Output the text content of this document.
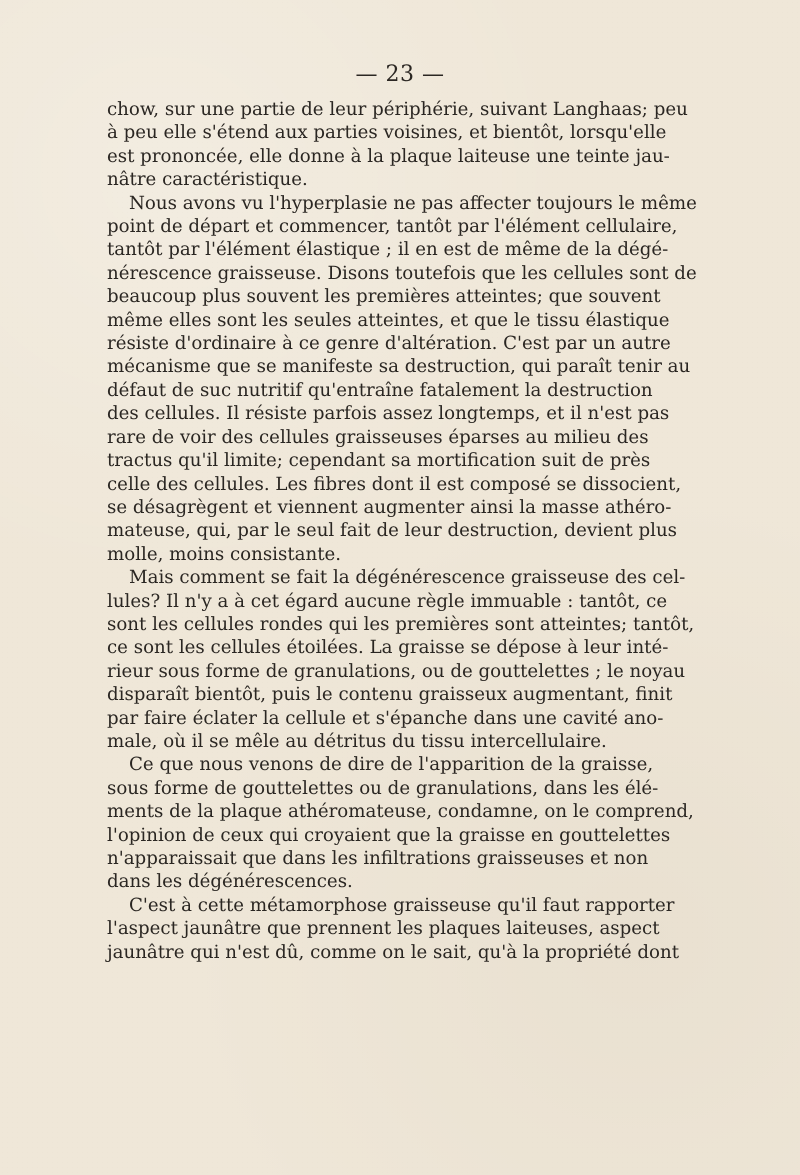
— 23 —

chow, sur une partie de leur périphérie, suivant Langhaas; peu
à peu elle s'étend aux parties voisines, et bientôt, lorsqu'elle
est prononcée, elle donne à la plaque laiteuse une teinte jau-
nâtre caractéristique.

Nous avons vu l'hyperplasie ne pas affecter toujours le même
point de départ et commencer, tantôt par l'élément cellulaire,
tantôt par l'élément élastique ; il en est de même de la dégé-
nérescence graisseuse. Disons toutefois que les cellules sont de
beaucoup plus souvent les premières atteintes; que souvent
même elles sont les seules atteintes, et que le tissu élastique
résiste d'ordinaire à ce genre d'altération. C'est par un autre
mécanisme que se manifeste sa destruction, qui paraît tenir au
défaut de suc nutritif qu'entraîne fatalement la destruction
des cellules. Il résiste parfois assez longtemps, et il n'est pas
rare de voir des cellules graisseuses éparses au milieu des
tractus qu'il limite; cependant sa mortification suit de près
celle des cellules. Les fibres dont il est composé se dissocient,
se désagrègent et viennent augmenter ainsi la masse athéro-
mateuse, qui, par le seul fait de leur destruction, devient plus
molle, moins consistante.

Mais comment se fait la dégénérescence graisseuse des cel-
lules? Il n'y a à cet égard aucune règle immuable : tantôt, ce
sont les cellules rondes qui les premières sont atteintes; tantôt,
ce sont les cellules étoilées. La graisse se dépose à leur inté-
rieur sous forme de granulations, ou de gouttelettes ; le noyau
disparaît bientôt, puis le contenu graisseux augmentant, finit
par faire éclater la cellule et s'épanche dans une cavité ano-
male, où il se mêle au détritus du tissu intercellulaire.

Ce que nous venons de dire de l'apparition de la graisse,
sous forme de gouttelettes ou de granulations, dans les élé-
ments de la plaque athéromateuse, condamne, on le comprend,
l'opinion de ceux qui croyaient que la graisse en gouttelettes
n'apparaissait que dans les infiltrations graisseuses et non
dans les dégénérescences.

C'est à cette métamorphose graisseuse qu'il faut rapporter
l'aspect jaunâtre que prennent les plaques laiteuses, aspect
jaunâtre qui n'est dû, comme on le sait, qu'à la propriété dont
